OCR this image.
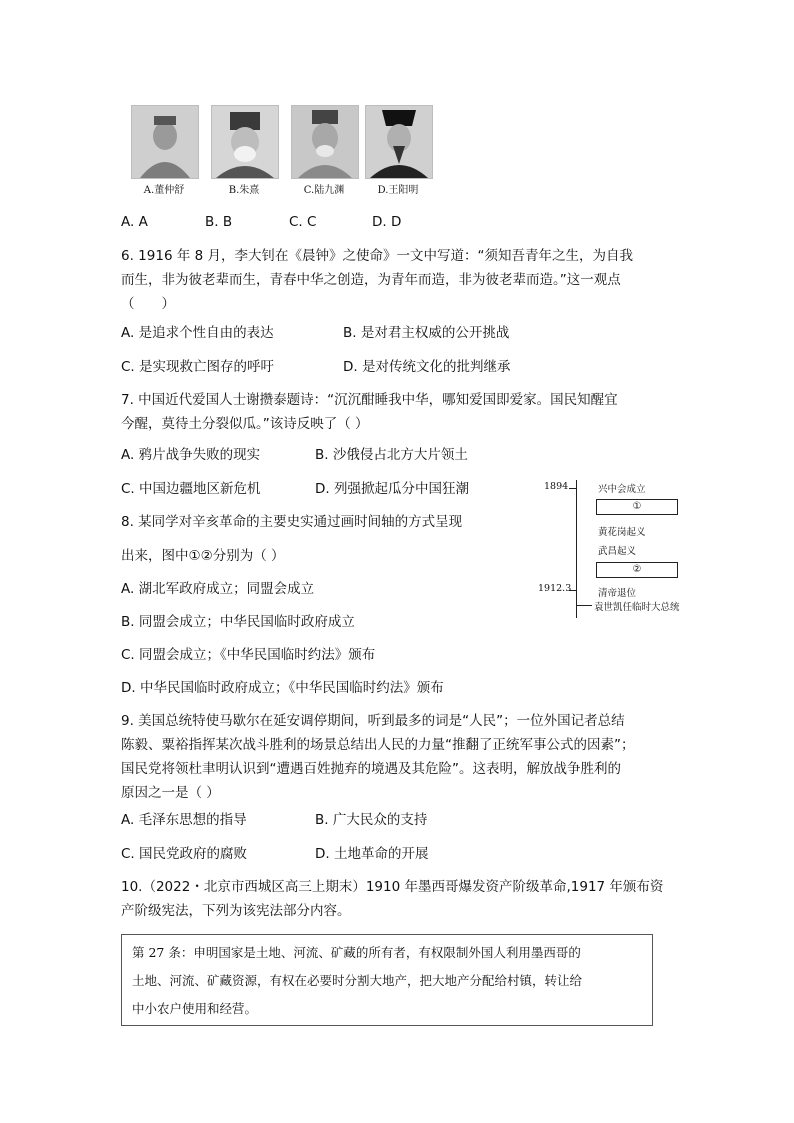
A.董仲舒	B.朱熹	C.陆九渊	D.王阳明
A. A	B. B	C. C	D. D
6. 1916 年 8 月，李大钊在《晨钟》之使命》一文中写道：“须知吾青年之生，为自我
而生，非为彼老辈而生，青春中华之创造，为青年而造，非为彼老辈而造。”这一观点
（　　）
A. 是追求个性自由的表达	B. 是对君主权威的公开挑战
C. 是实现救亡图存的呼吁	D. 是对传统文化的批判继承
7. 中国近代爱国人士谢攒泰题诗：“沉沉酣睡我中华，哪知爱国即爱家。国民知醒宜
今醒，莫待土分裂似瓜。”该诗反映了（ ）
A. 鸦片战争失败的现实	B. 沙俄侵占北方大片领土
C. 中国边疆地区新危机	D. 列强掀起瓜分中国狂潮
8. 某同学对辛亥革命的主要史实通过画时间轴的方式呈现
出来，图中①②分别为（ ）
A. 湖北军政府成立；同盟会成立
B. 同盟会成立；中华民国临时政府成立
C. 同盟会成立；《中华民国临时约法》颁布
D. 中华民国临时政府成立；《中华民国临时约法》颁布
1894
1912.3
兴中会成立
①
黄花岗起义
武昌起义
②
清帝退位
袁世凯任临时大总统
9. 美国总统特使马歇尔在延安调停期间，听到最多的词是“人民”；一位外国记者总结
陈毅、粟裕指挥某次战斗胜利的场景总结出人民的力量“推翻了正统军事公式的因素”；
国民党将领杜聿明认识到“遭遇百姓抛弃的境遇及其危险”。这表明，解放战争胜利的
原因之一是（ ）
A. 毛泽东思想的指导	B. 广大民众的支持
C. 国民党政府的腐败	D. 土地革命的开展
10.（2022・北京市西城区高三上期末）1910 年墨西哥爆发资产阶级革命,1917 年颁布资
产阶级宪法，下列为该宪法部分内容。
第 27 条：申明国家是土地、河流、矿藏的所有者，有权限制外国人利用墨西哥的
土地、河流、矿藏资源，有权在必要时分割大地产，把大地产分配给村镇，转让给
中小农户使用和经营。
